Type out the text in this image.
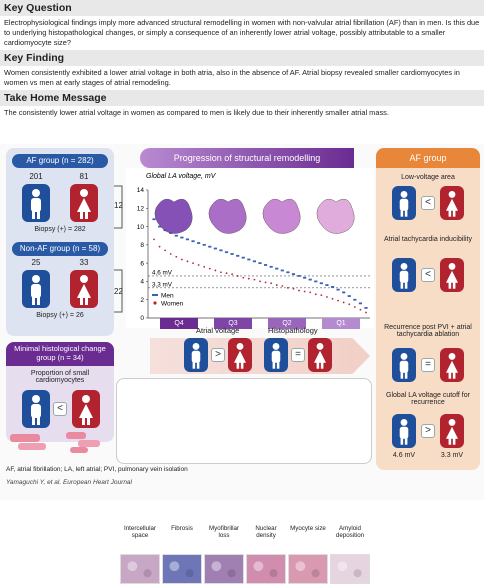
Key Question
Electrophysiological findings imply more advanced structural remodelling in women with non-valvular atrial fibrillation (AF) than in men. Is this due to underlying histopathological changes, or simply a consequence of an inherently lower atrial voltage, possibly attributable to a smaller cardiomyocyte size?
Key Finding
Women consistently exhibited a lower atrial voltage in both atria, also in the absence of AF. Atrial biopsy revealed smaller cardiomyocytes in women vs men at early stages of atrial remodeling.
Take Home Message
The consistently lower atrial voltage in women as compared to men is likely due to their inherently smaller atrial mass.
AF group (n = 282)
201	81
Biopsy (+) = 282
Non-AF group (n = 58)
25	33
Biopsy (+) = 26
12
22
Minimal histological change group (n = 34)
Proportion of small cardiomyocytes
<
Progression of structural remodelling
Global LA voltage, mV
0
2
4
6
8
10
12
14
4.6 mV
3.3 mV
Men
Women
Q4	Q3	Q2	Q1
Atrial voltage	Histopathology
>	=
Intercellular space
Fibrosis	Myofibrillar loss
Nuclear density
Myocyte size	Amyloid deposition
AF group
Low-voltage area
<
Atrial tachycardia inducibility
<
Recurrence post PVI + atrial tachycardia ablation
=
Global LA voltage cutoff for recurrence
>
4.6 mV	3.3 mV
AF, atrial fibrillation; LA, left atrial; PVI, pulmonary vein isolation
Yamaguchi Y, et al. European Heart Journal
